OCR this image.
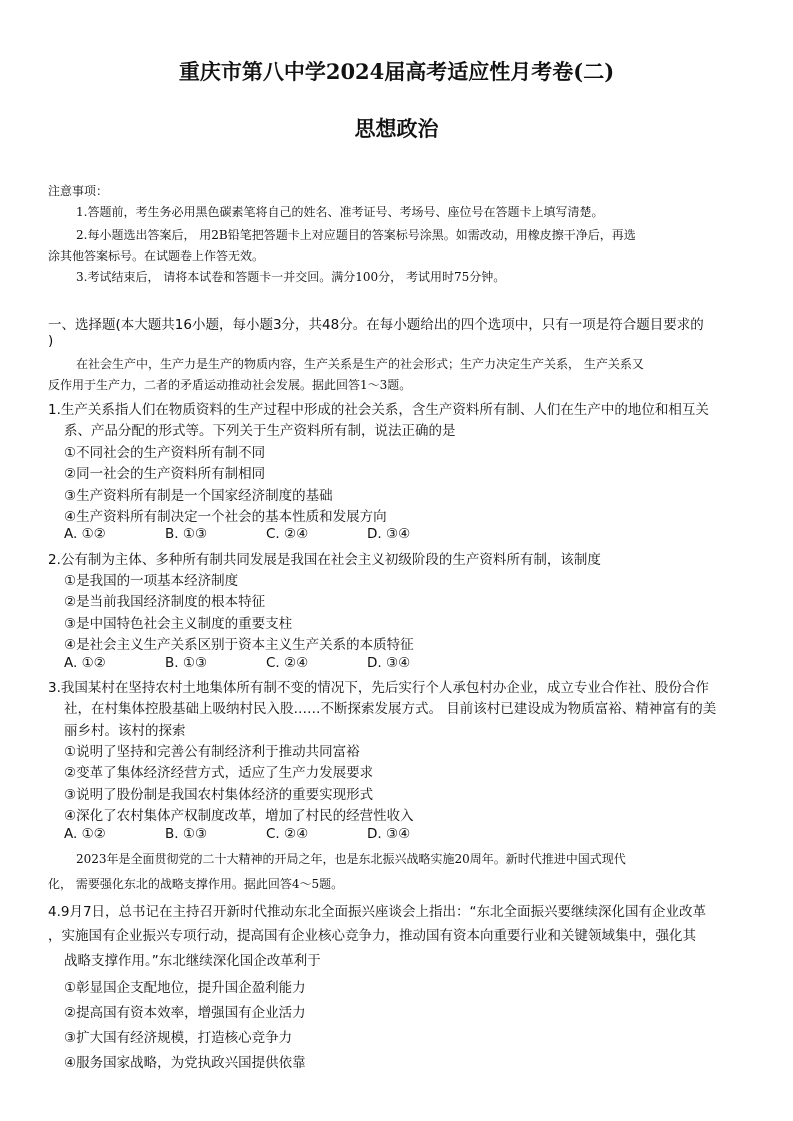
重庆市第八中学2024届高考适应性月考卷(二)
思想政治
注意事项：
1.答题前，考生务必用黑色碳素笔将自己的姓名、准考证号、考场号、座位号在答题卡上填写清楚。
2.每小题选出答案后， 用2B铅笔把答题卡上对应题目的答案标号涂黑。如需改动，用橡皮擦干净后，再选
涂其他答案标号。在试题卷上作答无效。
3.考试结束后， 请将本试卷和答题卡一并交回。满分100分， 考试用时75分钟。
一、选择题(本大题共16小题，每小题3分，共48分。在每小题给出的四个选项中，只有一项是符合题目要求的
)
在社会生产中，生产力是生产的物质内容，生产关系是生产的社会形式；生产力决定生产关系， 生产关系又
反作用于生产力，二者的矛盾运动推动社会发展。据此回答1～3题。
1.生产关系指人们在物质资料的生产过程中形成的社会关系，含生产资料所有制、人们在生产中的地位和相互关
系、产品分配的形式等。下列关于生产资料所有制，说法正确的是
①不同社会的生产资料所有制不同
②同一社会的生产资料所有制相同
③生产资料所有制是一个国家经济制度的基础
④生产资料所有制决定一个社会的基本性质和发展方向
A. ①②	B. ①③	C. ②④	D. ③④
2.公有制为主体、多种所有制共同发展是我国在社会主义初级阶段的生产资料所有制，该制度
①是我国的一项基本经济制度
②是当前我国经济制度的根本特征
③是中国特色社会主义制度的重要支柱
④是社会主义生产关系区别于资本主义生产关系的本质特征
A. ①②	B. ①③	C. ②④	D. ③④
3.我国某村在坚持农村土地集体所有制不变的情况下，先后实行个人承包村办企业，成立专业合作社、股份合作
社，在村集体控股基础上吸纳村民入股……不断探索发展方式。 目前该村已建设成为物质富裕、精神富有的美
丽乡村。该村的探索
①说明了坚持和完善公有制经济利于推动共同富裕
②变革了集体经济经营方式，适应了生产力发展要求
③说明了股份制是我国农村集体经济的重要实现形式
④深化了农村集体产权制度改革，增加了村民的经营性收入
A. ①②	B. ①③	C. ②④	D. ③④
2023年是全面贯彻党的二十大精神的开局之年，也是东北振兴战略实施20周年。新时代推进中国式现代
化， 需要强化东北的战略支撑作用。据此回答4～5题。
4.9月7日，总书记在主持召开新时代推动东北全面振兴座谈会上指出：“东北全面振兴要继续深化国有企业改革
，实施国有企业振兴专项行动，提高国有企业核心竞争力，推动国有资本向重要行业和关键领域集中，强化其
战略支撑作用。”东北继续深化国企改革利于
①彰显国企支配地位，提升国企盈利能力
②提高国有资本效率，增强国有企业活力
③扩大国有经济规模，打造核心竞争力
④服务国家战略，为党执政兴国提供依靠
